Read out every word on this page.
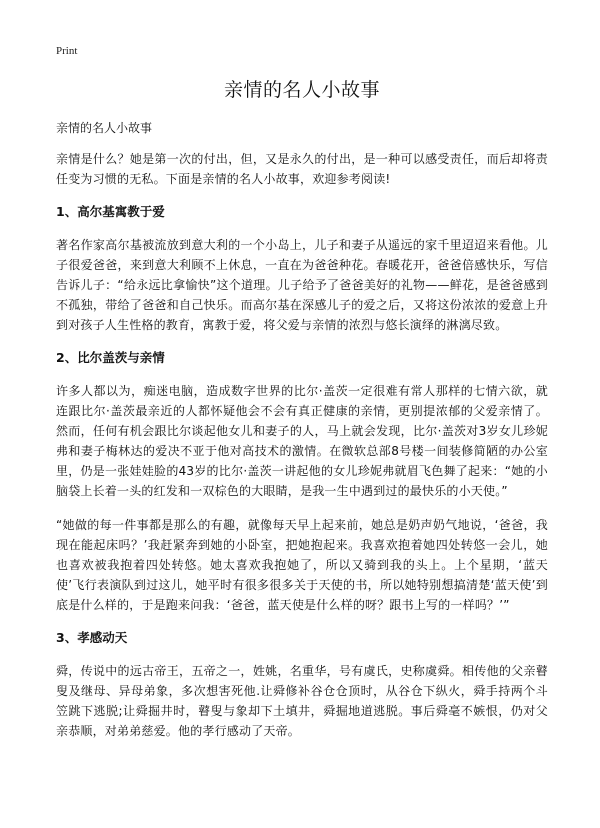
Print
亲情的名人小故事

亲情的名人小故事

亲情是什么？她是第一次的付出，但，又是永久的付出，是一种可以感受责任，而后却将责任变为习惯的无私。下面是亲情的名人小故事，欢迎参考阅读!

1、高尔基寓教于爱

著名作家高尔基被流放到意大利的一个小岛上，儿子和妻子从遥远的家千里迢迢来看他。儿子很爱爸爸，来到意大利顾不上休息，一直在为爸爸种花。春暖花开，爸爸倍感快乐，写信告诉儿子：“给永远比拿愉快”这个道理。儿子给予了爸爸美好的礼物——鲜花，是爸爸感到不孤独，带给了爸爸和自己快乐。而高尔基在深感儿子的爱之后，又将这份浓浓的爱意上升到对孩子人生性格的教育，寓教于爱，将父爱与亲情的浓烈与悠长演绎的淋漓尽致。

2、比尔盖茨与亲情

许多人都以为，痴迷电脑，造成数字世界的比尔·盖茨一定很难有常人那样的七情六欲，就连跟比尔·盖茨最亲近的人都怀疑他会不会有真正健康的亲情，更别提浓郁的父爱亲情了。然而，任何有机会跟比尔谈起他女儿和妻子的人，马上就会发现，比尔·盖茨对3岁女儿珍妮弗和妻子梅林达的爱决不亚于他对高技术的激情。在微软总部8号楼一间装修简陋的办公室里，仍是一张娃娃脸的43岁的比尔·盖茨一讲起他的女儿珍妮弗就眉飞色舞了起来：“她的小脑袋上长着一头的红发和一双棕色的大眼睛，是我一生中遇到过的最快乐的小天使。”

“她做的每一件事都是那么的有趣，就像每天早上起来前，她总是奶声奶气地说，‘爸爸，我现在能起床吗？’我赶紧奔到她的小卧室，把她抱起来。我喜欢抱着她四处转悠一会儿，她也喜欢被我抱着四处转悠。她太喜欢我抱她了，所以又骑到我的头上。上个星期，‘蓝天使’飞行表演队到过这儿，她平时有很多很多关于天使的书，所以她特别想搞清楚‘蓝天使’到底是什么样的，于是跑来问我：‘爸爸，蓝天使是什么样的呀？跟书上写的一样吗？’”

3、孝感动天

舜，传说中的远古帝王，五帝之一，姓姚，名重华，号有虞氏，史称虞舜。相传他的父亲瞽叟及继母、异母弟象，多次想害死他.让舜修补谷仓仓顶时，从谷仓下纵火，舜手持两个斗笠跳下逃脱;让舜掘井时，瞽叟与象却下土填井，舜掘地道逃脱。事后舜毫不嫉恨，仍对父亲恭顺，对弟弟慈爱。他的孝行感动了天帝。
